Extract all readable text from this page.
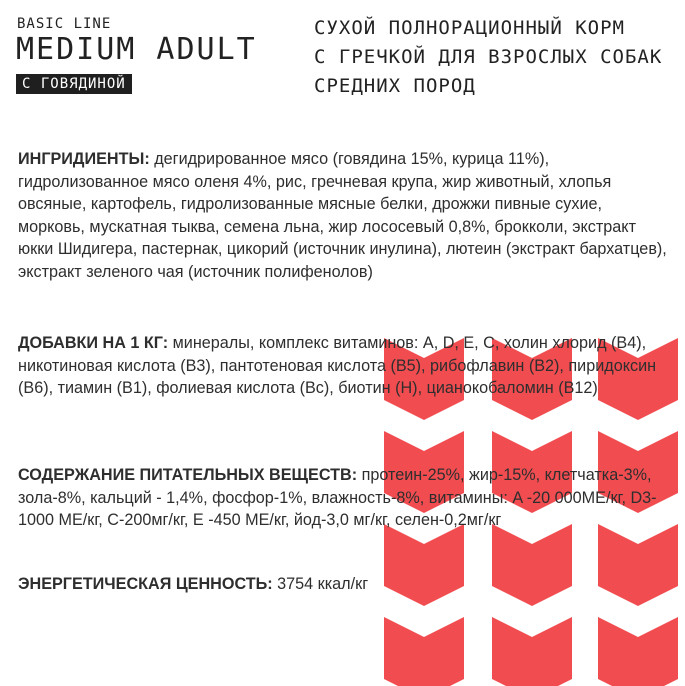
BASIC LINE
MEDIUM ADULT
С ГОВЯДИНОЙ
СУХОЙ ПОЛНОРАЦИОННЫЙ КОРМ
С ГРЕЧКОЙ ДЛЯ ВЗРОСЛЫХ СОБАК
СРЕДНИХ ПОРОД
ИНГРИДИЕНТЫ: дегидрированное мясо (говядина 15%, курица 11%), гидролизованное мясо оленя 4%, рис, гречневая крупа, жир животный, хлопья овсяные, картофель, гидролизованные мясные белки, дрожжи пивные сухие, морковь, мускатная тыква, семена льна, жир лососевый 0,8%, брокколи, экстракт юкки Шидигера, пастернак, цикорий (источник инулина), лютеин (экстракт бархатцев), экстракт зеленого чая (источник полифенолов)
ДОБАВКИ НА 1 КГ: минералы, комплекс витаминов: A, D, E, C, холин хлорид (B4), никотиновая кислота (B3), пантотеновая кислота (B5), рибофлавин (B2), пиридоксин (B6), тиамин (B1), фолиевая кислота (Bc), биотин (H), цианокобаломин (B12)
СОДЕРЖАНИЕ ПИТАТЕЛЬНЫХ ВЕЩЕСТВ: протеин-25%, жир-15%, клетчатка-3%, зола-8%, кальций - 1,4%, фосфор-1%, влажность-8%, витамины: A -20 000МЕ/кг, D3-1000 МЕ/кг, C-200мг/кг, E -450 МЕ/кг, йод-3,0 мг/кг, селен-0,2мг/кг
ЭНЕРГЕТИЧЕСКАЯ ЦЕННОСТЬ: 3754 ккал/кг
